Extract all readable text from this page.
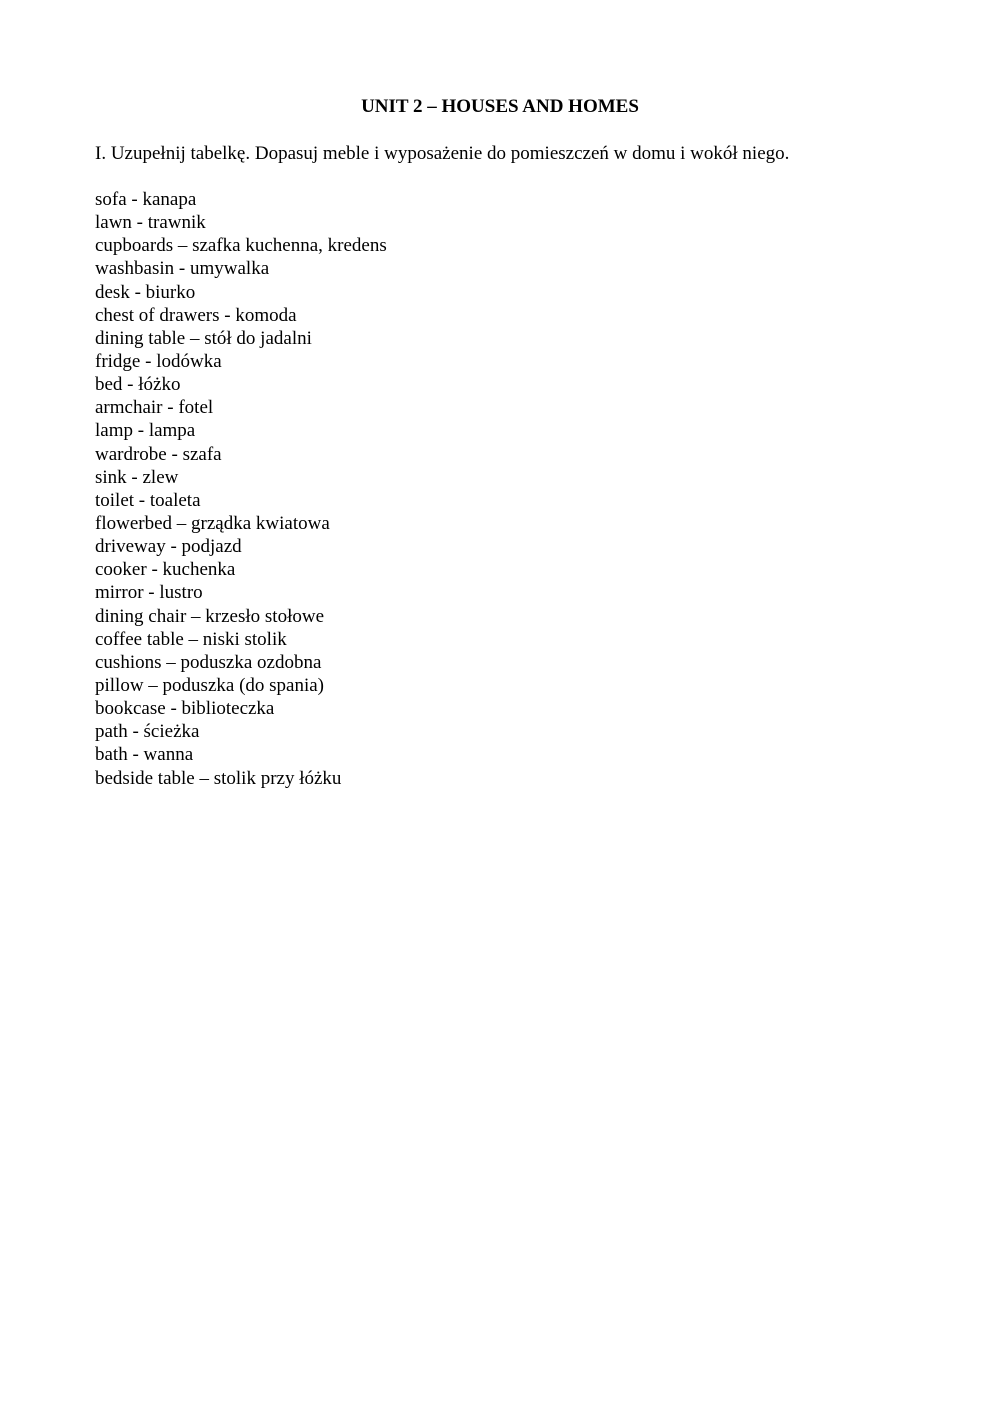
UNIT 2 – HOUSES AND HOMES

I. Uzupełnij tabelkę. Dopasuj meble i wyposażenie do pomieszczeń w domu i wokół niego.

sofa - kanapa
lawn - trawnik
cupboards – szafka kuchenna, kredens
washbasin - umywalka
desk - biurko
chest of drawers - komoda
dining table – stół do jadalni
fridge - lodówka
bed - łóżko
armchair - fotel
lamp - lampa
wardrobe - szafa
sink - zlew
toilet - toaleta
flowerbed – grządka kwiatowa
driveway - podjazd
cooker - kuchenka
mirror - lustro
dining chair – krzesło stołowe
coffee table – niski stolik
cushions – poduszka ozdobna
pillow – poduszka (do spania)
bookcase - biblioteczka
path - ścieżka
bath - wanna
bedside table – stolik przy łóżku
